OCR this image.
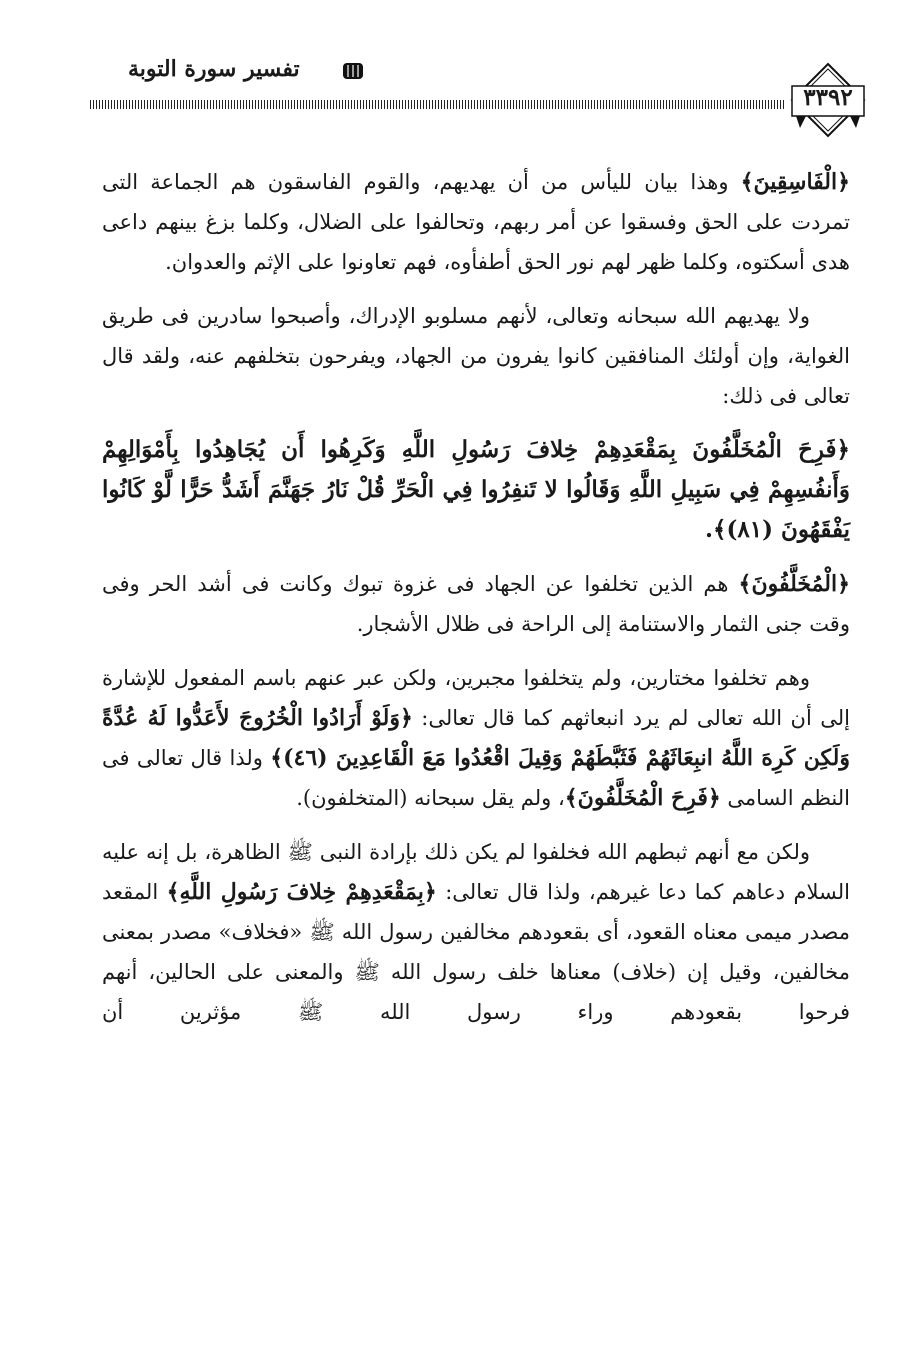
تفسير سورة التوبة
٣٣٩٢

﴿الْفَاسِقِينَ﴾ وهذا بيان لليأس من أن يهديهم، والقوم الفاسقون هم الجماعة التى تمردت على الحق وفسقوا عن أمر ربهم، وتحالفوا على الضلال، وكلما بزغ بينهم داعى هدى أسكتوه، وكلما ظهر لهم نور الحق أطفأوه، فهم تعاونوا على الإثم والعدوان.

ولا يهديهم الله سبحانه وتعالى، لأنهم مسلوبو الإدراك، وأصبحوا سادرين فى طريق الغواية، وإن أولئك المنافقين كانوا يفرون من الجهاد، ويفرحون بتخلفهم عنه، ولقد قال تعالى فى ذلك:

﴿فَرِحَ الْمُخَلَّفُونَ بِمَقْعَدِهِمْ خِلافَ رَسُولِ اللَّهِ وَكَرِهُوا أَن يُجَاهِدُوا بِأَمْوَالِهِمْ وَأَنفُسِهِمْ فِي سَبِيلِ اللَّهِ وَقَالُوا لا تَنفِرُوا فِي الْحَرِّ قُلْ نَارُ جَهَنَّمَ أَشَدُّ حَرًّا لَّوْ كَانُوا يَفْقَهُونَ (٨١)﴾.

﴿الْمُخَلَّفُونَ﴾ هم الذين تخلفوا عن الجهاد فى غزوة تبوك وكانت فى أشد الحر وفى وقت جنى الثمار والاستنامة إلى الراحة فى ظلال الأشجار.

وهم تخلفوا مختارين، ولم يتخلفوا مجبرين، ولكن عبر عنهم باسم المفعول للإشارة إلى أن الله تعالى لم يرد انبعاثهم كما قال تعالى: ﴿وَلَوْ أَرَادُوا الْخُرُوجَ لأَعَدُّوا لَهُ عُدَّةً وَلَكِن كَرِهَ اللَّهُ انبِعَاثَهُمْ فَثَبَّطَهُمْ وَقِيلَ اقْعُدُوا مَعَ الْقَاعِدِينَ (٤٦)﴾ ولذا قال تعالى فى النظم السامى ﴿فَرِحَ الْمُخَلَّفُونَ﴾، ولم يقل سبحانه (المتخلفون).

ولكن مع أنهم ثبطهم الله فخلفوا لم يكن ذلك بإرادة النبى ﷺ الظاهرة، بل إنه عليه السلام دعاهم كما دعا غيرهم، ولذا قال تعالى: ﴿بِمَقْعَدِهِمْ خِلافَ رَسُولِ اللَّهِ﴾ المقعد مصدر ميمى معناه القعود، أى بقعودهم مخالفين رسول الله ﷺ «فخلاف» مصدر بمعنى مخالفين، وقيل إن (خلاف) معناها خلف رسول الله ﷺ والمعنى على الحالين، أنهم فرحوا بقعودهم وراء رسول الله ﷺ مؤثرين أن
